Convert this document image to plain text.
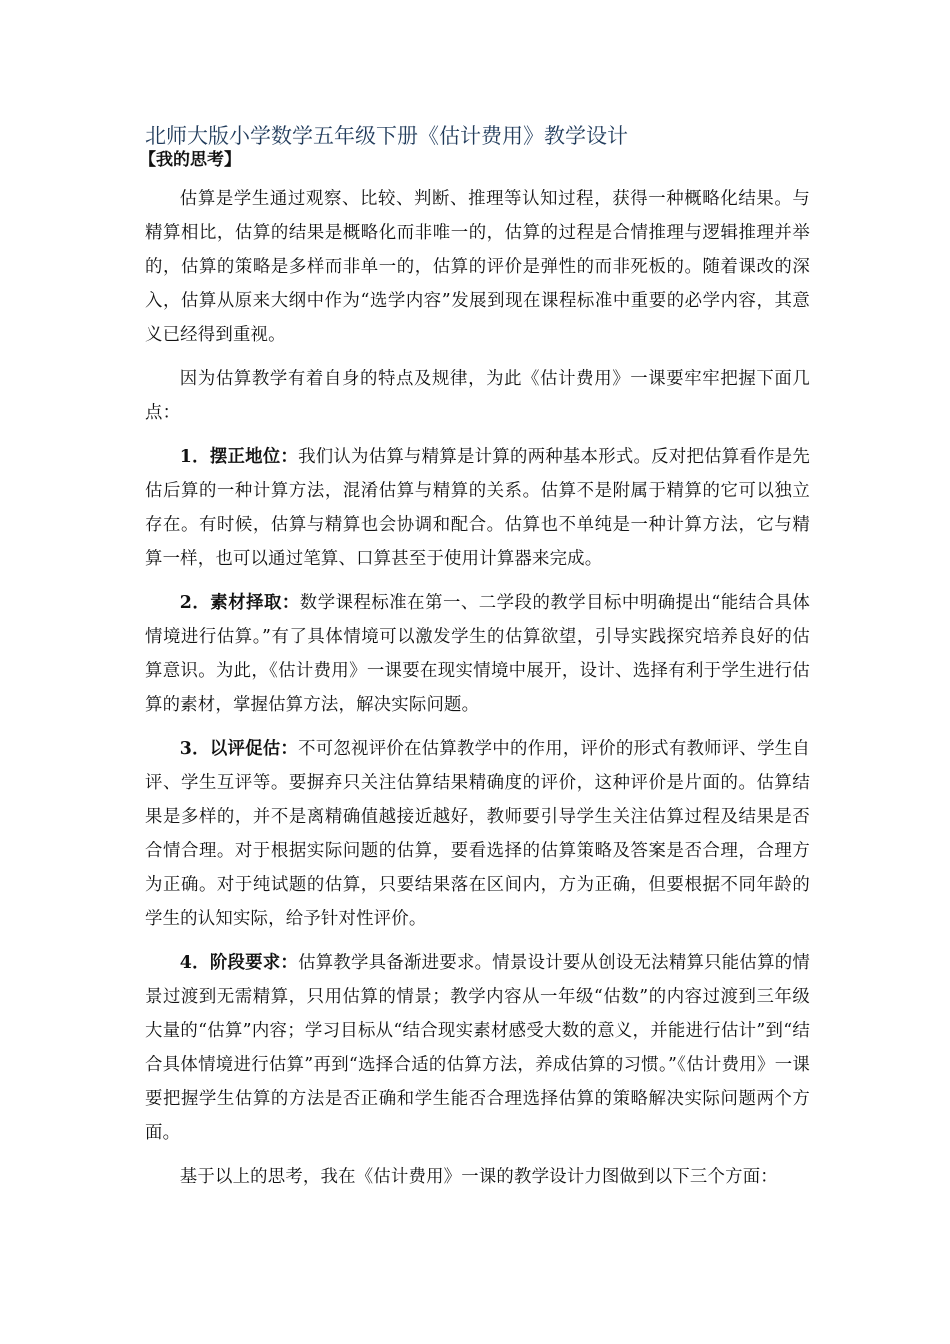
北师大版小学数学五年级下册《估计费用》教学设计
【我的思考】

估算是学生通过观察、比较、判断、推理等认知过程，获得一种概略化结果。与精算相比，估算的结果是概略化而非唯一的，估算的过程是合情推理与逻辑推理并举的，估算的策略是多样而非单一的，估算的评价是弹性的而非死板的。随着课改的深入，估算从原来大纲中作为“选学内容”发展到现在课程标准中重要的必学内容，其意义已经得到重视。

因为估算教学有着自身的特点及规律，为此《估计费用》一课要牢牢把握下面几点：

1．摆正地位：我们认为估算与精算是计算的两种基本形式。反对把估算看作是先估后算的一种计算方法，混淆估算与精算的关系。估算不是附属于精算的它可以独立存在。有时候，估算与精算也会协调和配合。估算也不单纯是一种计算方法，它与精算一样，也可以通过笔算、口算甚至于使用计算器来完成。

2．素材择取：数学课程标准在第一、二学段的教学目标中明确提出“能结合具体情境进行估算。”有了具体情境可以激发学生的估算欲望，引导实践探究培养良好的估算意识。为此，《估计费用》一课要在现实情境中展开，设计、选择有利于学生进行估算的素材，掌握估算方法，解决实际问题。

3．以评促估：不可忽视评价在估算教学中的作用，评价的形式有教师评、学生自评、学生互评等。要摒弃只关注估算结果精确度的评价，这种评价是片面的。估算结果是多样的，并不是离精确值越接近越好，教师要引导学生关注估算过程及结果是否合情合理。对于根据实际问题的估算，要看选择的估算策略及答案是否合理，合理方为正确。对于纯试题的估算，只要结果落在区间内，方为正确，但要根据不同年龄的学生的认知实际，给予针对性评价。

4．阶段要求：估算教学具备渐进要求。情景设计要从创设无法精算只能估算的情景过渡到无需精算，只用估算的情景；教学内容从一年级“估数”的内容过渡到三年级大量的“估算”内容；学习目标从“结合现实素材感受大数的意义，并能进行估计”到“结合具体情境进行估算”再到“选择合适的估算方法，养成估算的习惯。”《估计费用》一课要把握学生估算的方法是否正确和学生能否合理选择估算的策略解决实际问题两个方面。

基于以上的思考，我在《估计费用》一课的教学设计力图做到以下三个方面：
